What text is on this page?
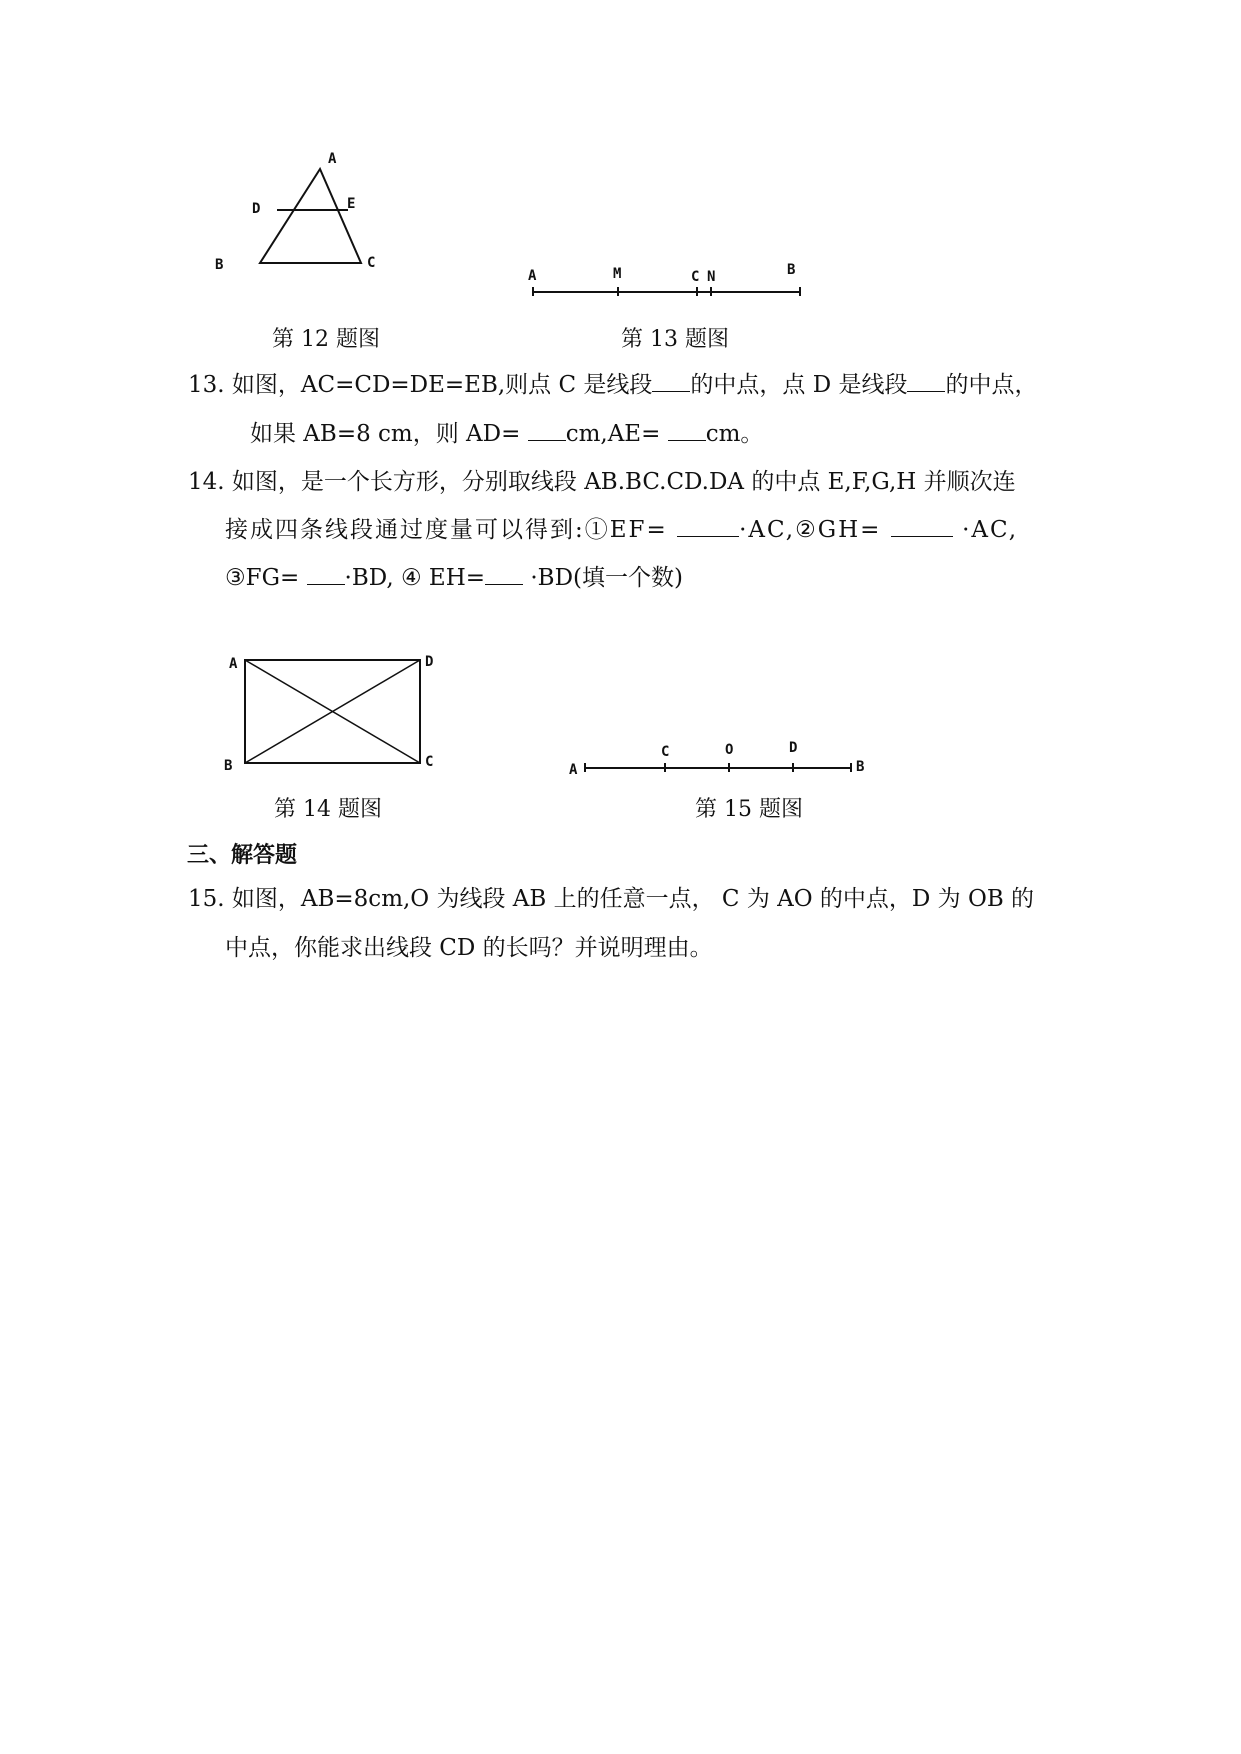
A
D	E
B	C
第 12 题图
A	M	C N	B
第 13 题图
13. 如图，AC=CD=DE=EB,则点 C 是线段 的中点，点 D 是线段 的中点，
如果 AB=8 cm，则 AD= cm,AE= cm。
14. 如图，是一个长方形，分别取线段 AB.BC.CD.DA 的中点 E,F,G,H 并顺次连
接成四条线段通过度量可以得到:①EF=	·AC,②GH=	·AC,
③FG= ·BD, ④ EH= ·BD(填一个数)
A	D
B	C
第 14 题图
A
C	O	D
B
第 15 题图
三、解答题
15. 如图，AB=8cm,O 为线段 AB 上的任意一点， C 为 AO 的中点，D 为 OB 的
中点，你能求出线段 CD 的长吗？并说明理由。
